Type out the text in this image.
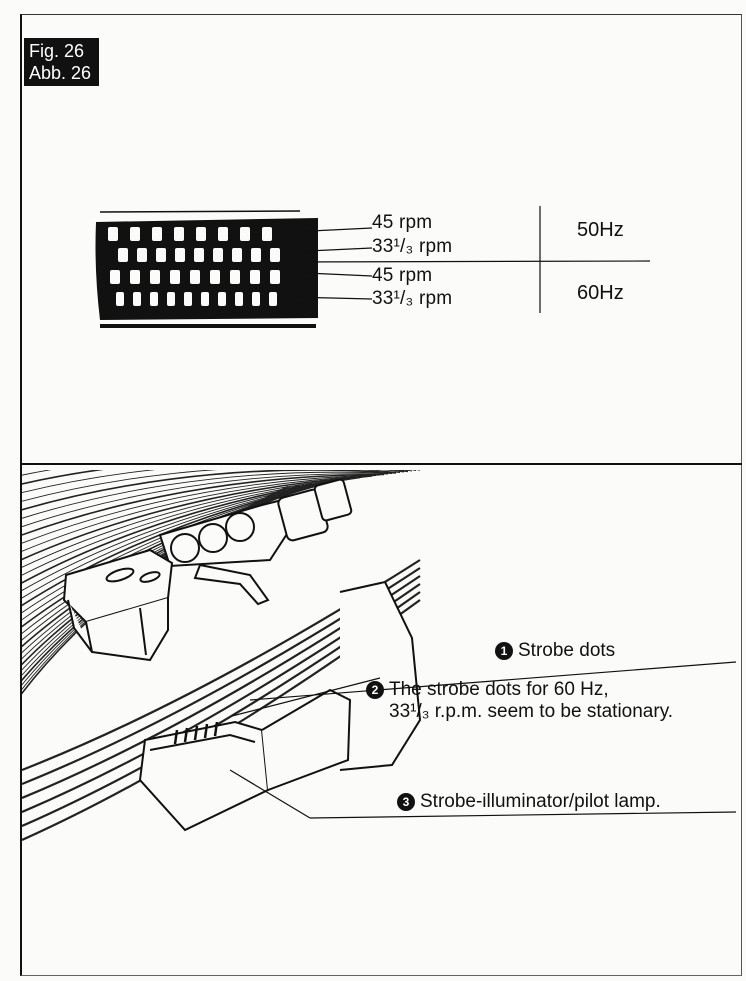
Fig. 26
Abb. 26
45 rpm
33¹/₃ rpm
45 rpm
33¹/₃ rpm
50Hz
60Hz
1 Strobe dots
2 The strobe dots for 60 Hz,
33¹/₃ r.p.m. seem to be stationary.
3 Strobe-illuminator/pilot lamp.
